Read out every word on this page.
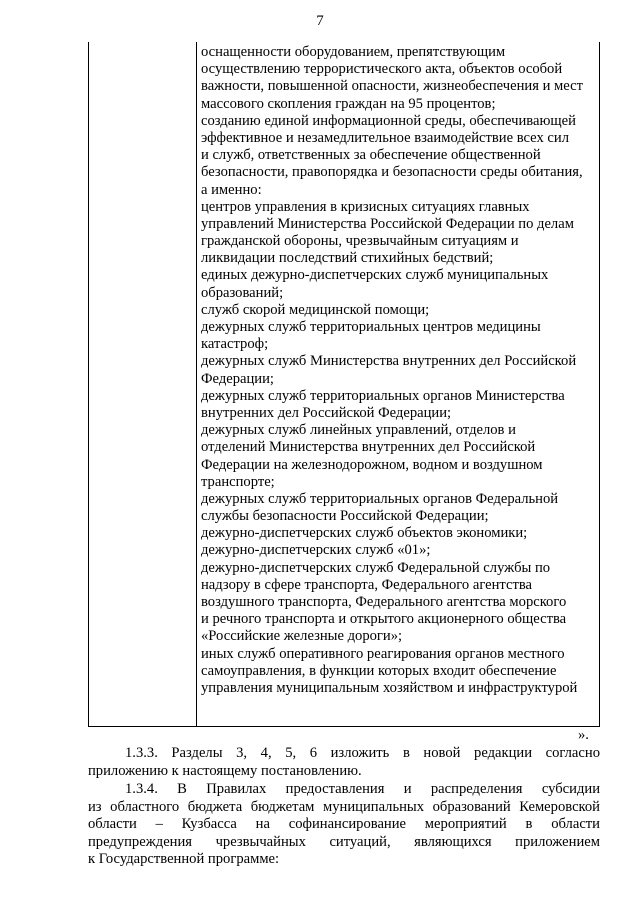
7
оснащенности оборудованием, препятствующим
осуществлению террористического акта, объектов особой
важности, повышенной опасности, жизнеобеспечения и мест
массового скопления граждан на 95 процентов;
созданию единой информационной среды, обеспечивающей
эффективное и незамедлительное взаимодействие всех сил
и служб, ответственных за обеспечение общественной
безопасности, правопорядка и безопасности среды обитания,
а именно:
центров управления в кризисных ситуациях главных
управлений Министерства Российской Федерации по делам
гражданской обороны, чрезвычайным ситуациям и
ликвидации последствий стихийных бедствий;
единых дежурно-диспетчерских служб муниципальных
образований;
служб скорой медицинской помощи;
дежурных служб территориальных центров медицины
катастроф;
дежурных служб Министерства внутренних дел Российской
Федерации;
дежурных служб территориальных органов Министерства
внутренних дел Российской Федерации;
дежурных служб линейных управлений, отделов и
отделений Министерства внутренних дел Российской
Федерации на железнодорожном, водном и воздушном
транспорте;
дежурных служб территориальных органов Федеральной
службы безопасности Российской Федерации;
дежурно-диспетчерских служб объектов экономики;
дежурно-диспетчерских служб «01»;
дежурно-диспетчерских служб Федеральной службы по
надзору в сфере транспорта, Федерального агентства
воздушного транспорта, Федерального агентства морского
и речного транспорта и открытого акционерного общества
«Российские железные дороги»;
иных служб оперативного реагирования органов местного
самоуправления, в функции которых входит обеспечение
управления муниципальным хозяйством и инфраструктурой
».
1.3.3. Разделы 3, 4, 5, 6 изложить в новой редакции согласно
приложению к настоящему постановлению.
1.3.4. В Правилах предоставления и распределения субсидии
из областного бюджета бюджетам муниципальных образований Кемеровской
области – Кузбасса на софинансирование мероприятий в области
предупреждения чрезвычайных ситуаций, являющихся приложением
к Государственной программе:
